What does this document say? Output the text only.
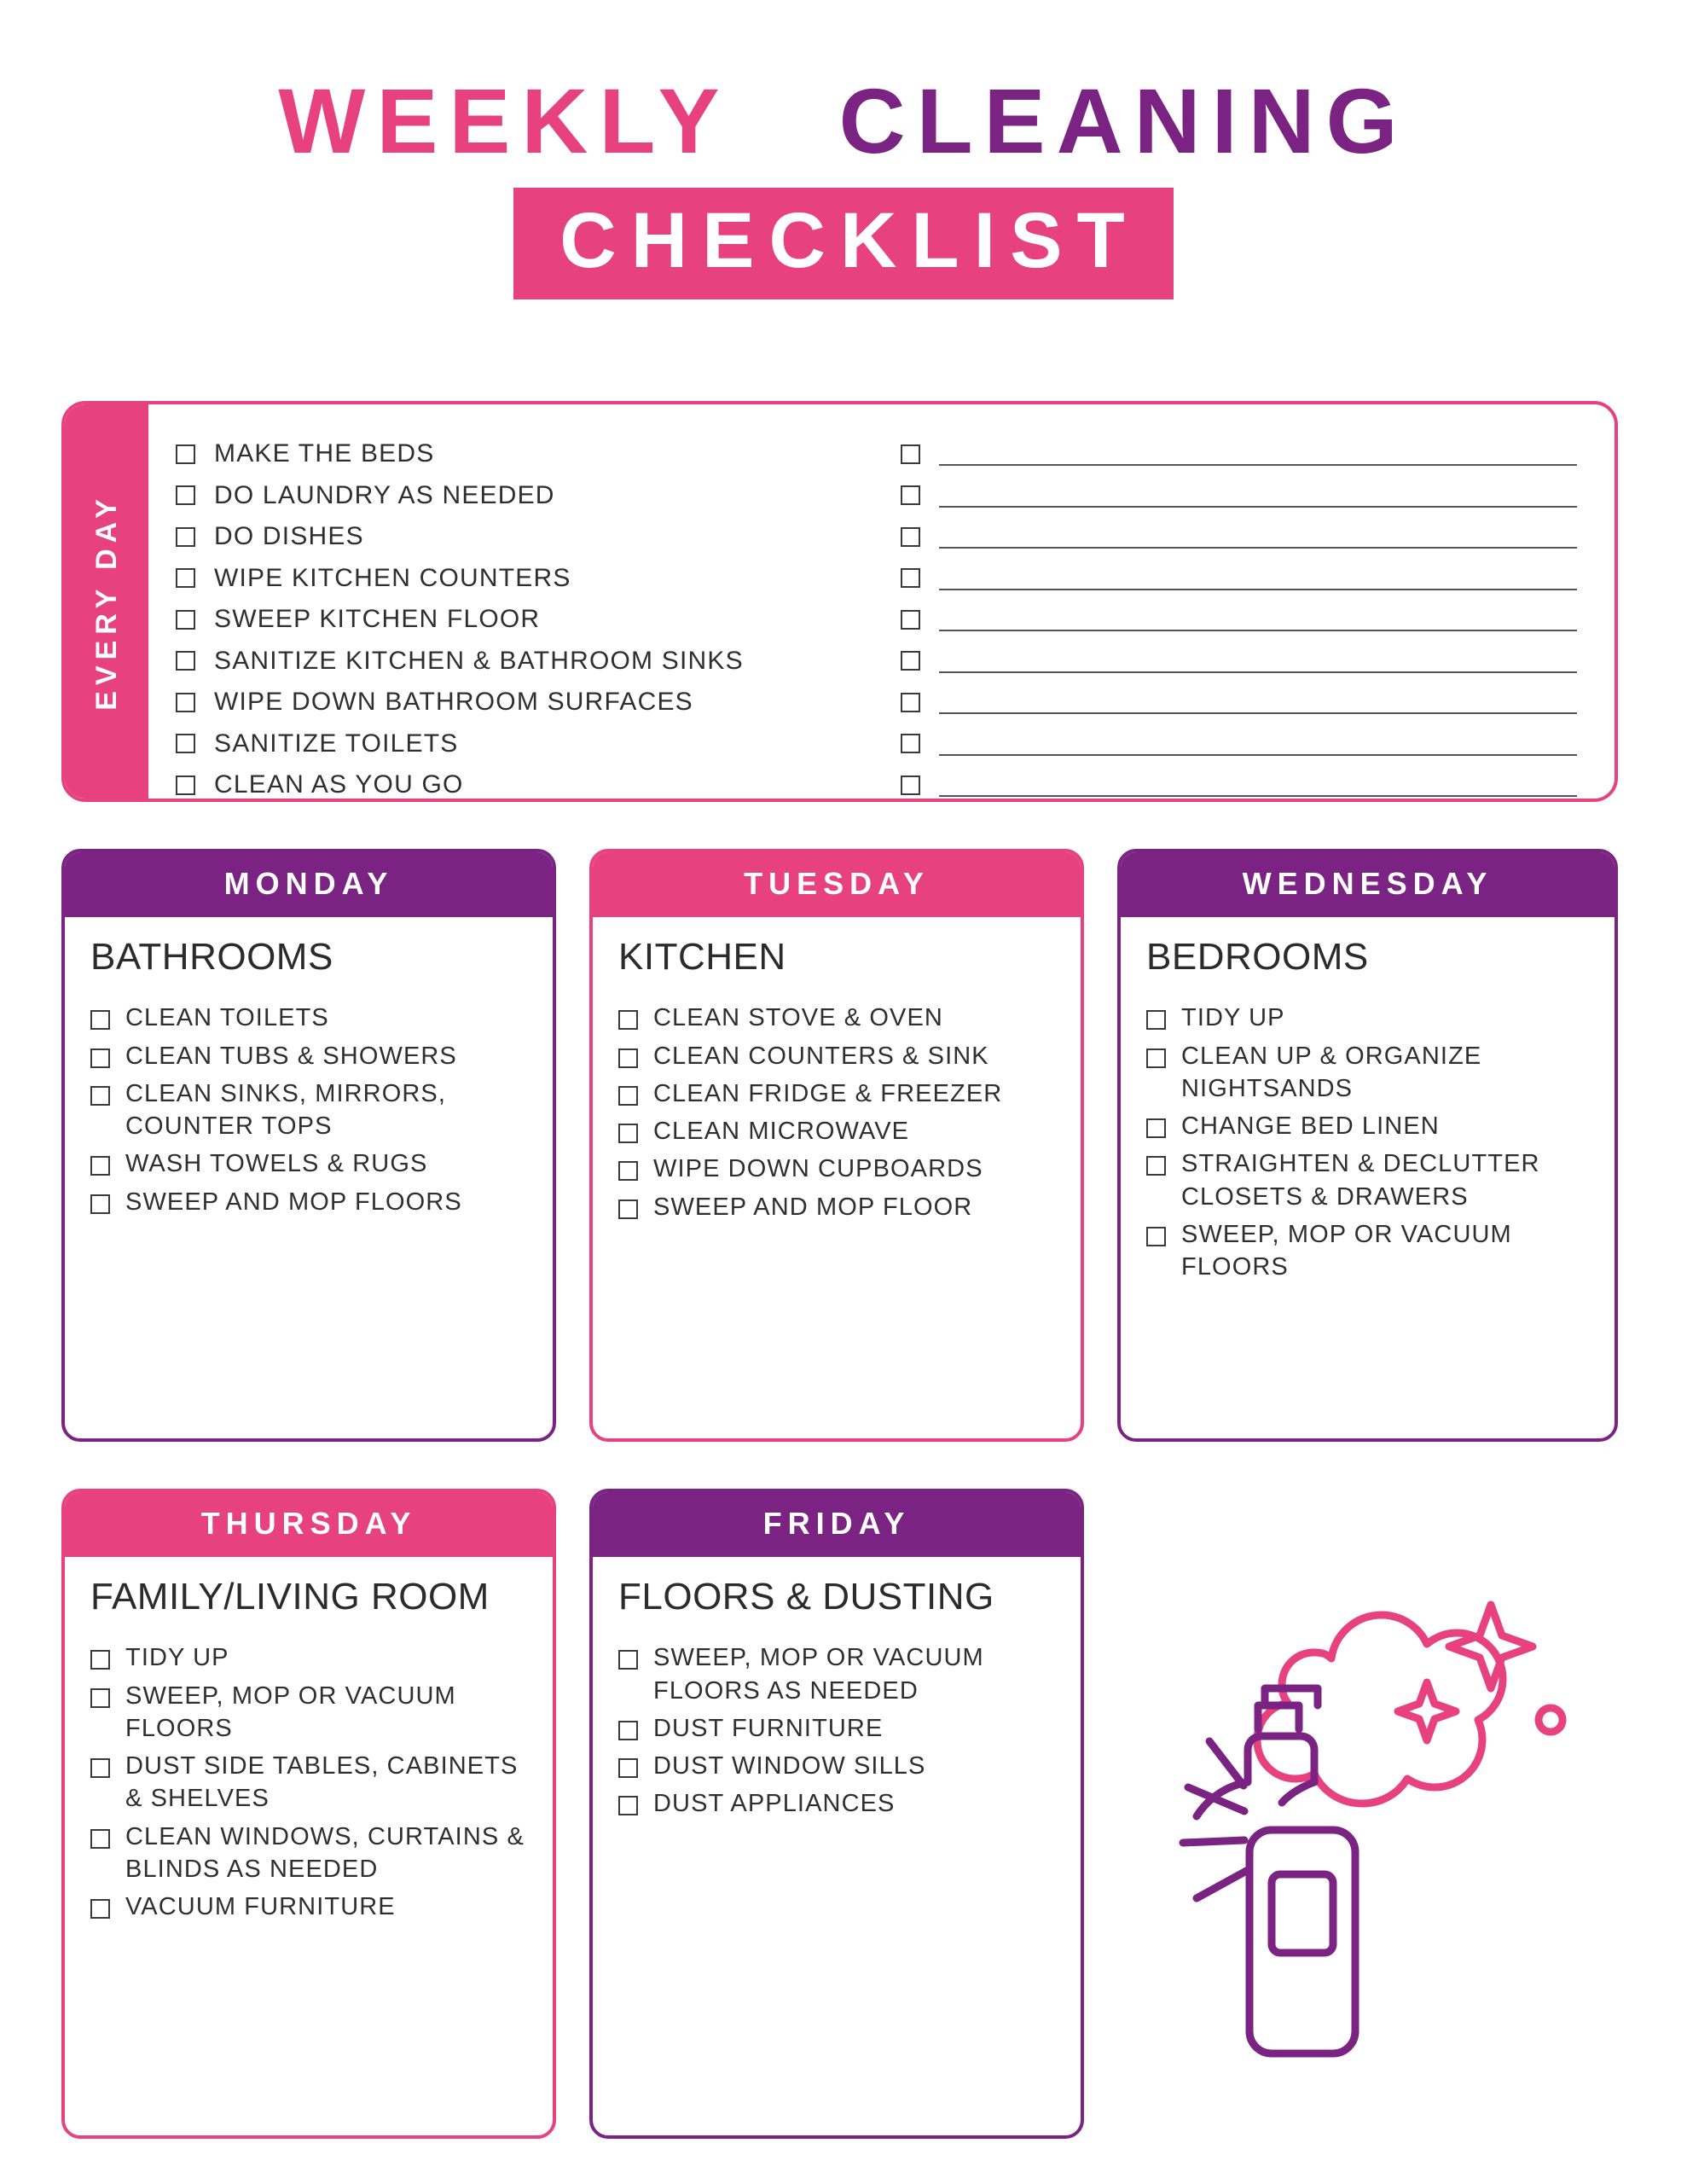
WEEKLY CLEANING
CHECKLIST
EVERY DAY
MAKE THE BEDS
DO LAUNDRY AS NEEDED
DO DISHES
WIPE KITCHEN COUNTERS
SWEEP KITCHEN FLOOR
SANITIZE KITCHEN & BATHROOM SINKS
WIPE DOWN BATHROOM SURFACES
SANITIZE TOILETS
CLEAN AS YOU GO
MONDAY
BATHROOMS
CLEAN TOILETS
CLEAN TUBS & SHOWERS
CLEAN SINKS, MIRRORS, COUNTER TOPS
WASH TOWELS & RUGS
SWEEP AND MOP FLOORS
TUESDAY
KITCHEN
CLEAN STOVE & OVEN
CLEAN COUNTERS & SINK
CLEAN FRIDGE & FREEZER
CLEAN MICROWAVE
WIPE DOWN CUPBOARDS
SWEEP AND MOP FLOOR
WEDNESDAY
BEDROOMS
TIDY UP
CLEAN UP & ORGANIZE NIGHTSANDS
CHANGE BED LINEN
STRAIGHTEN & DECLUTTER CLOSETS & DRAWERS
SWEEP, MOP OR VACUUM FLOORS
THURSDAY
FAMILY/LIVING ROOM
TIDY UP
SWEEP, MOP OR VACUUM FLOORS
DUST SIDE TABLES, CABINETS & SHELVES
CLEAN WINDOWS, CURTAINS & BLINDS AS NEEDED
VACUUM FURNITURE
FRIDAY
FLOORS & DUSTING
SWEEP, MOP OR VACUUM FLOORS AS NEEDED
DUST FURNITURE
DUST WINDOW SILLS
DUST APPLIANCES
